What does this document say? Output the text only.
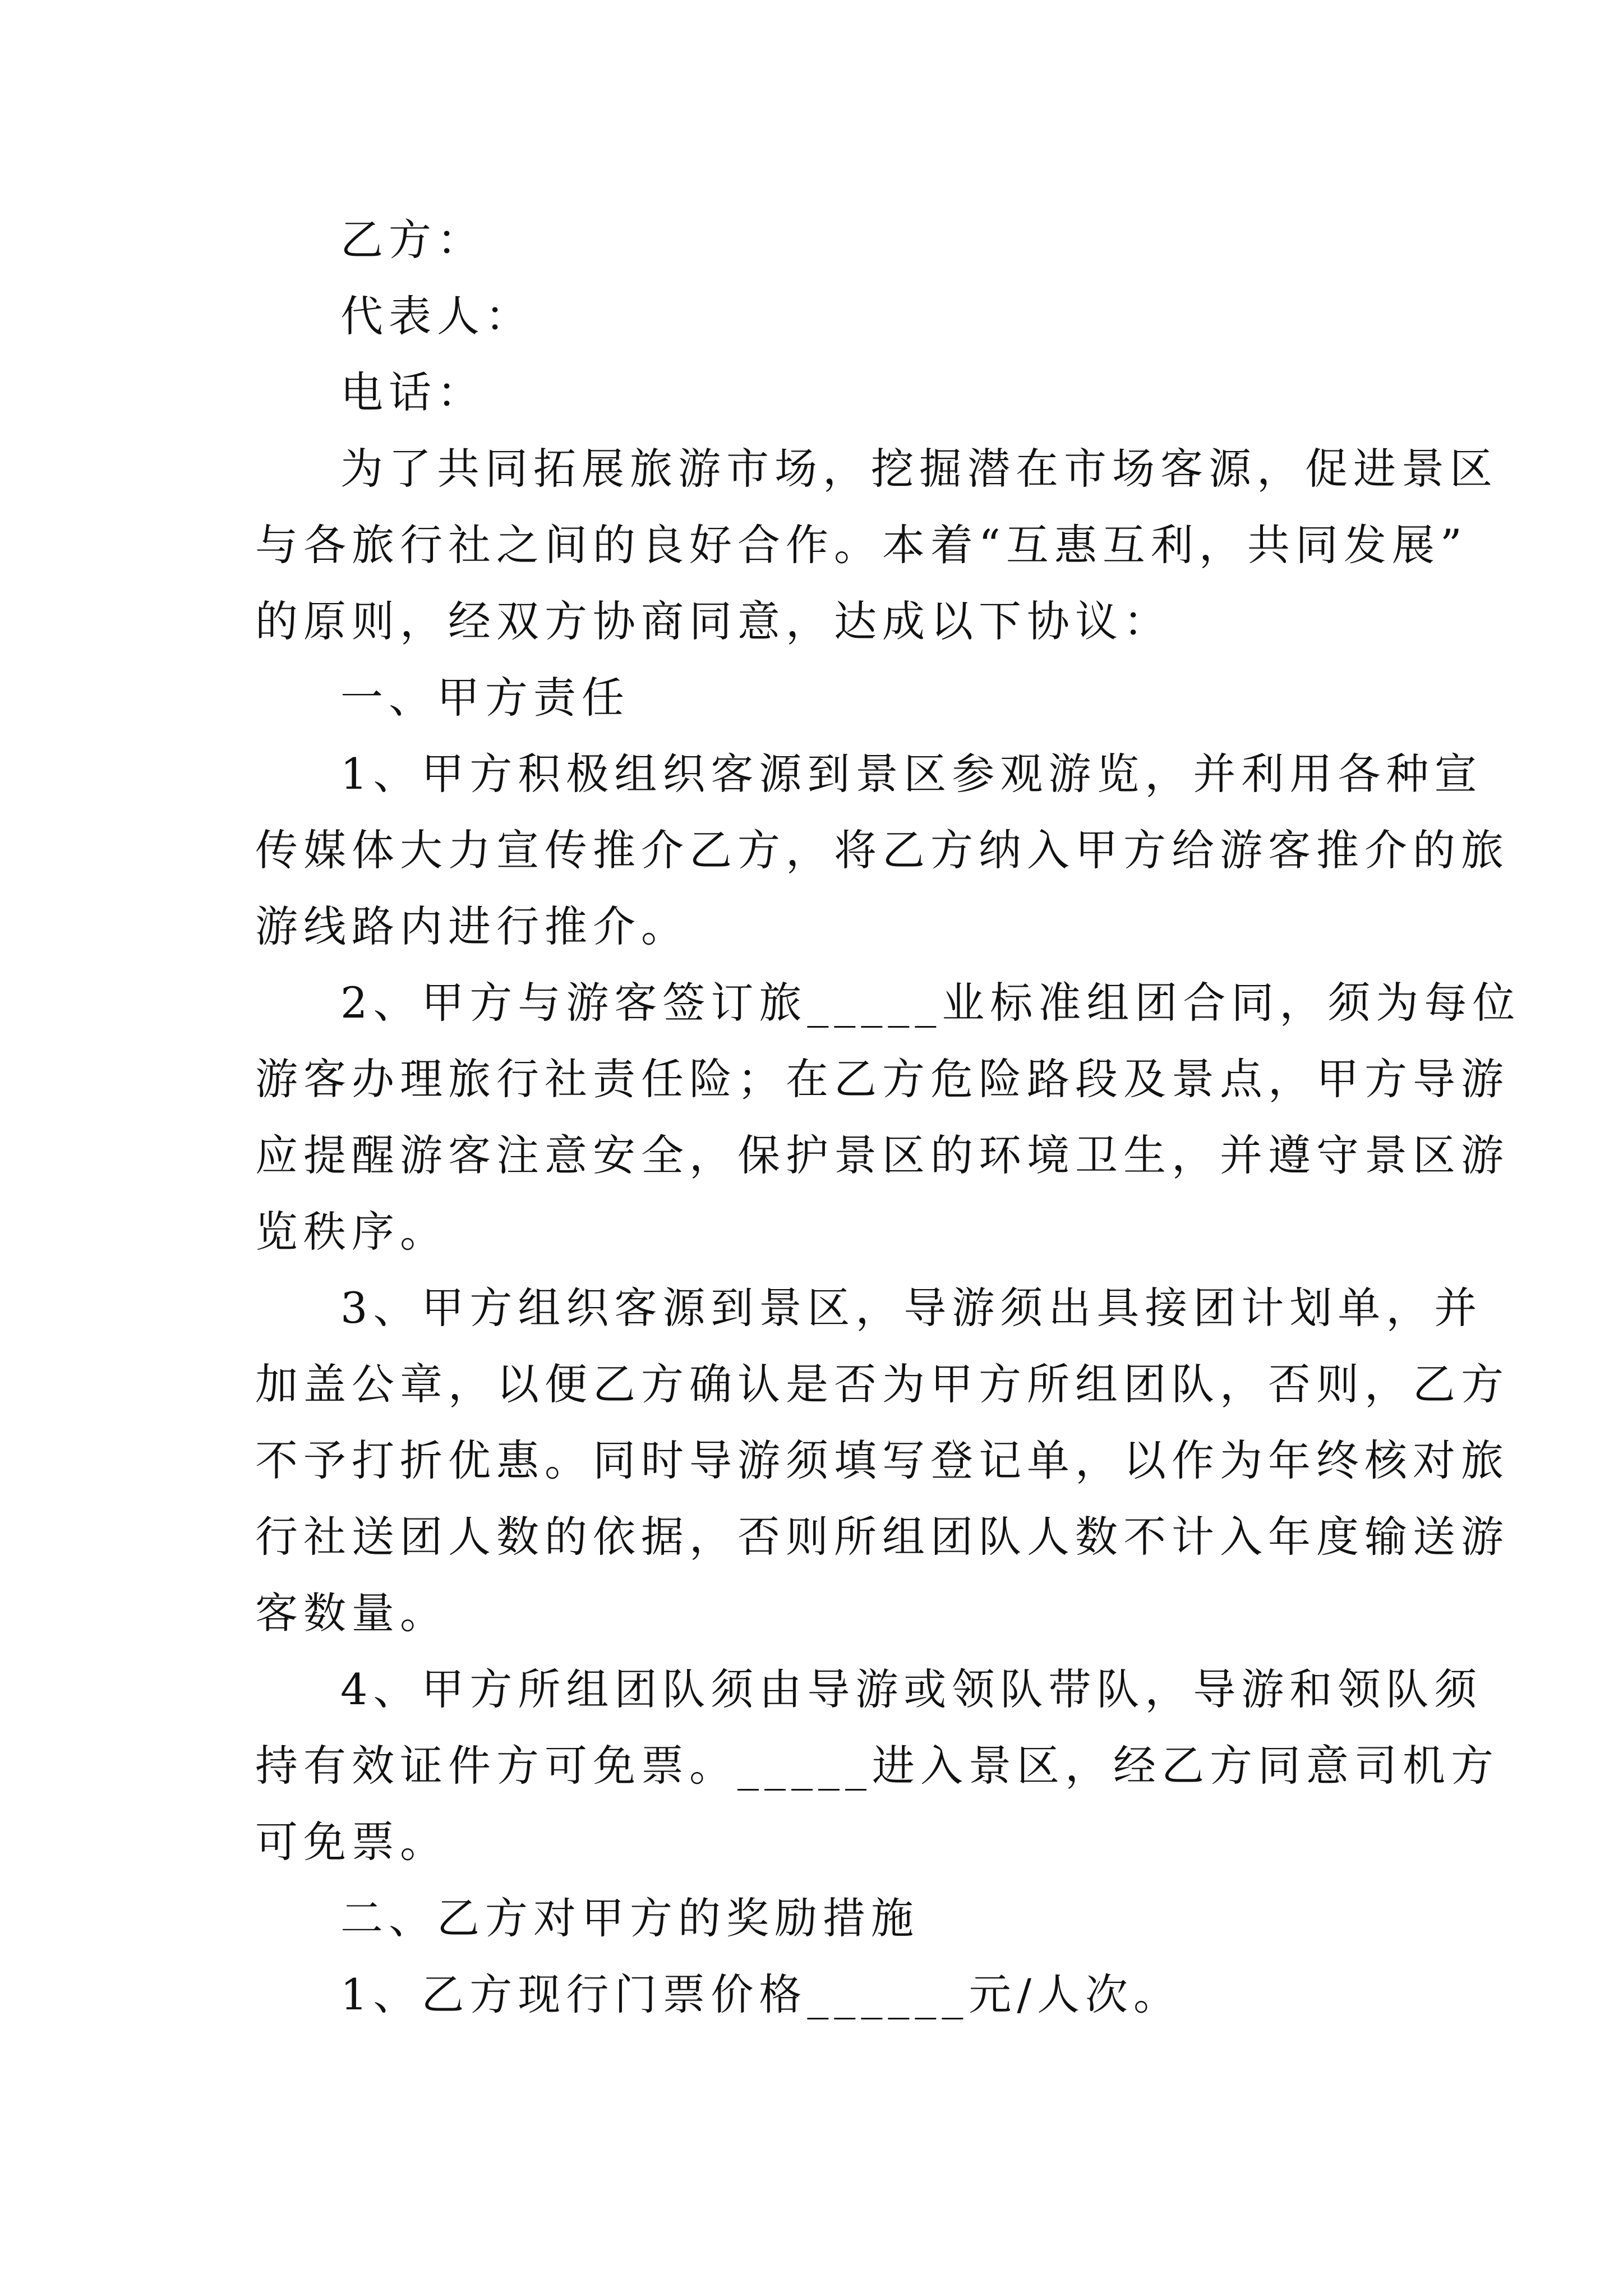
乙方：
代表人：
电话：
为了共同拓展旅游市场，挖掘潜在市场客源，促进景区
与各旅行社之间的良好合作。本着“互惠互利，共同发展”
的原则，经双方协商同意，达成以下协议：
一、甲方责任
1、甲方积极组织客源到景区参观游览，并利用各种宣
传媒体大力宣传推介乙方，将乙方纳入甲方给游客推介的旅
游线路内进行推介。
2、甲方与游客签订旅_____业标准组团合同，须为每位
游客办理旅行社责任险；在乙方危险路段及景点，甲方导游
应提醒游客注意安全，保护景区的环境卫生，并遵守景区游
览秩序。
3、甲方组织客源到景区，导游须出具接团计划单，并
加盖公章，以便乙方确认是否为甲方所组团队，否则，乙方
不予打折优惠。同时导游须填写登记单，以作为年终核对旅
行社送团人数的依据，否则所组团队人数不计入年度输送游
客数量。
4、甲方所组团队须由导游或领队带队，导游和领队须
持有效证件方可免票。_____进入景区，经乙方同意司机方
可免票。
二、乙方对甲方的奖励措施
1、乙方现行门票价格______元/人次。
